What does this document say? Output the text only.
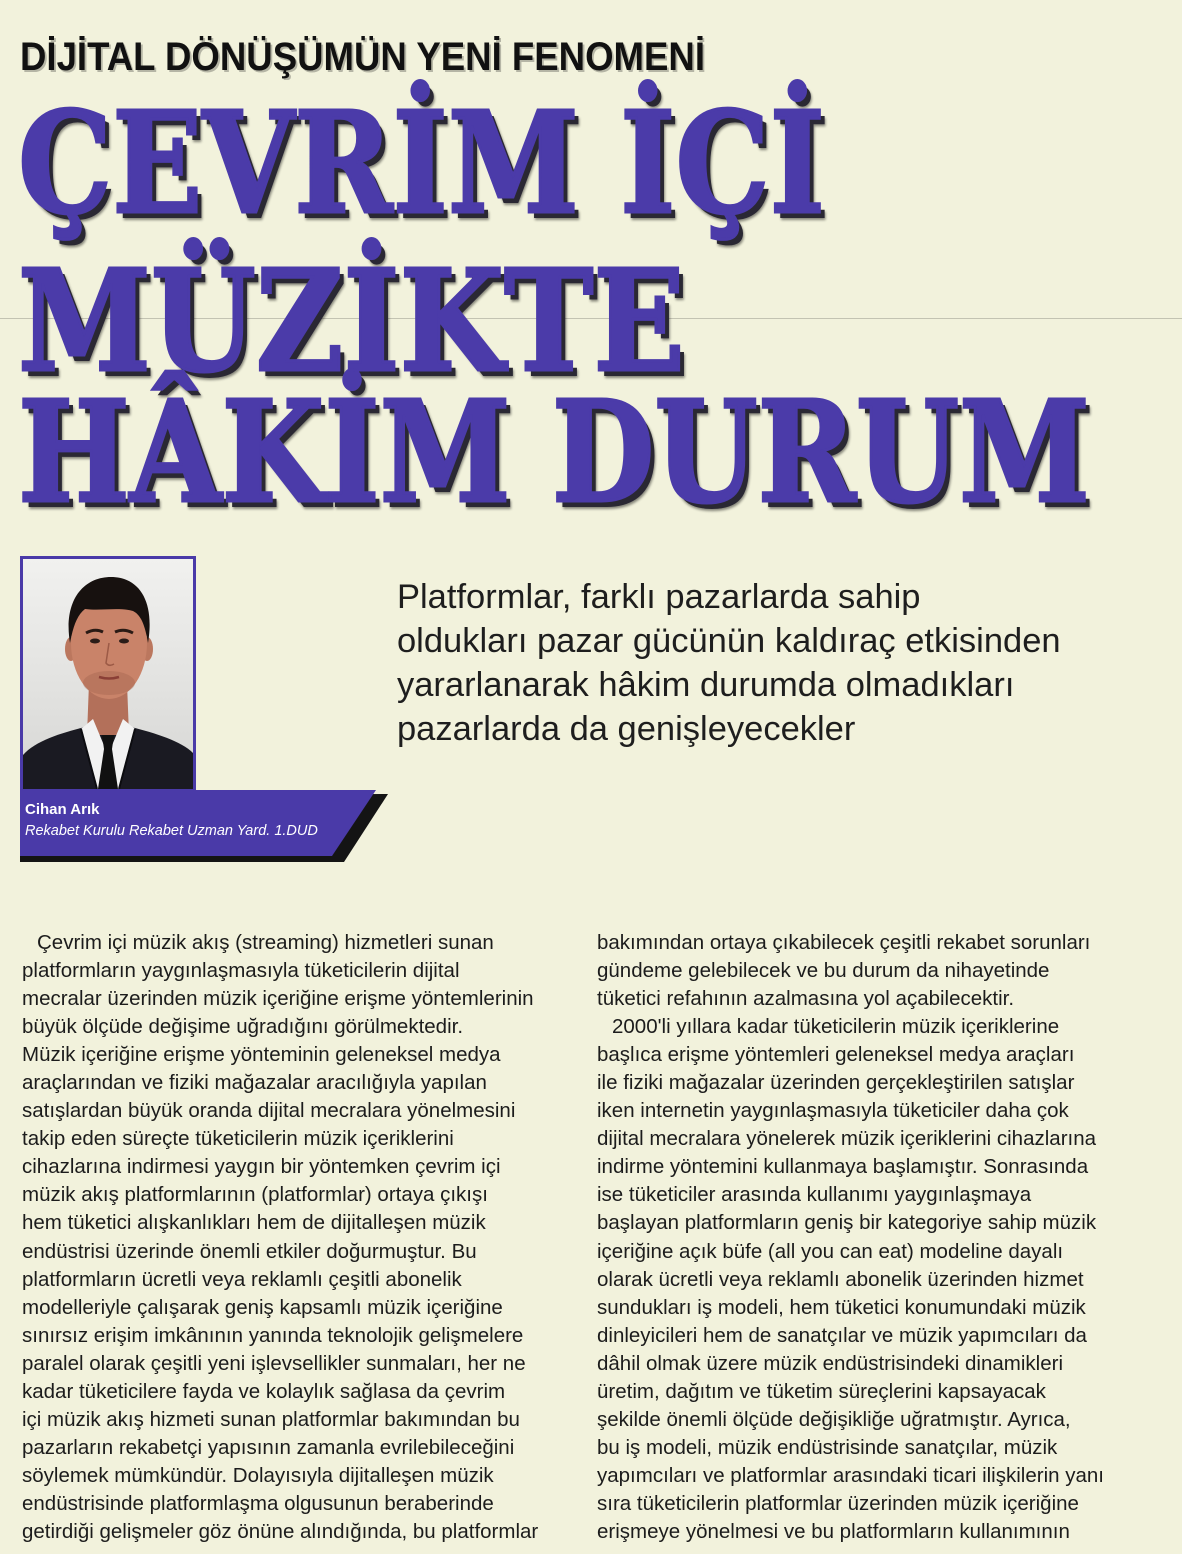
DİJİTAL DÖNÜŞÜMÜN YENİ FENOMENİ
ÇEVRİM İÇİ
MÜZİKTE
HÂKİM DURUM
Cihan Arık
Rekabet Kurulu Rekabet Uzman Yard. 1.DUD
Platformlar, farklı pazarlarda sahip
oldukları pazar gücünün kaldıraç etkisinden
yararlanarak hâkim durumda olmadıkları
pazarlarda da genişleyecekler
Çevrim içi müzik akış (streaming) hizmetleri sunan
platformların yaygınlaşmasıyla tüketicilerin dijital
mecralar üzerinden müzik içeriğine erişme yöntemlerinin
büyük ölçüde değişime uğradığını görülmektedir.
Müzik içeriğine erişme yönteminin geleneksel medya
araçlarından ve fiziki mağazalar aracılığıyla yapılan
satışlardan büyük oranda dijital mecralara yönelmesini
takip eden süreçte tüketicilerin müzik içeriklerini
cihazlarına indirmesi yaygın bir yöntemken çevrim içi
müzik akış platformlarının (platformlar) ortaya çıkışı
hem tüketici alışkanlıkları hem de dijitalleşen müzik
endüstrisi üzerinde önemli etkiler doğurmuştur. Bu
platformların ücretli veya reklamlı çeşitli abonelik
modelleriyle çalışarak geniş kapsamlı müzik içeriğine
sınırsız erişim imkânının yanında teknolojik gelişmelere
paralel olarak çeşitli yeni işlevsellikler sunmaları, her ne
kadar tüketicilere fayda ve kolaylık sağlasa da çevrim
içi müzik akış hizmeti sunan platformlar bakımından bu
pazarların rekabetçi yapısının zamanla evrilebileceğini
söylemek mümkündür. Dolayısıyla dijitalleşen müzik
endüstrisinde platformlaşma olgusunun beraberinde
getirdiği gelişmeler göz önüne alındığında, bu platformlar
bakımından ortaya çıkabilecek çeşitli rekabet sorunları
gündeme gelebilecek ve bu durum da nihayetinde
tüketici refahının azalmasına yol açabilecektir.
2000'li yıllara kadar tüketicilerin müzik içeriklerine
başlıca erişme yöntemleri geleneksel medya araçları
ile fiziki mağazalar üzerinden gerçekleştirilen satışlar
iken internetin yaygınlaşmasıyla tüketiciler daha çok
dijital mecralara yönelerek müzik içeriklerini cihazlarına
indirme yöntemini kullanmaya başlamıştır. Sonrasında
ise tüketiciler arasında kullanımı yaygınlaşmaya
başlayan platformların geniş bir kategoriye sahip müzik
içeriğine açık büfe (all you can eat) modeline dayalı
olarak ücretli veya reklamlı abonelik üzerinden hizmet
sundukları iş modeli, hem tüketici konumundaki müzik
dinleyicileri hem de sanatçılar ve müzik yapımcıları da
dâhil olmak üzere müzik endüstrisindeki dinamikleri
üretim, dağıtım ve tüketim süreçlerini kapsayacak
şekilde önemli ölçüde değişikliğe uğratmıştır. Ayrıca,
bu iş modeli, müzik endüstrisinde sanatçılar, müzik
yapımcıları ve platformlar arasındaki ticari ilişkilerin yanı
sıra tüketicilerin platformlar üzerinden müzik içeriğine
erişmeye yönelmesi ve bu platformların kullanımının
